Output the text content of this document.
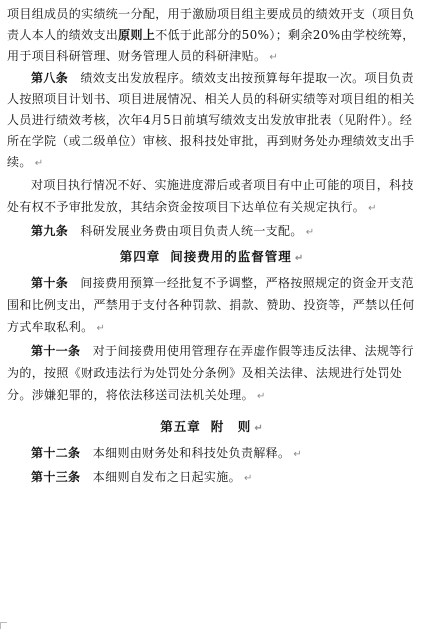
项目组成员的实绩统一分配，用于激励项目组主要成员的绩效开支（项目负责人本人的绩效支出原则上不低于此部分的50%）；剩余20%由学校统筹，用于项目科研管理、财务管理人员的科研津贴。 ↵

第八条　 绩效支出发放程序。绩效支出按预算每年提取一次。项目负责人按照项目计划书、项目进展情况、相关人员的科研实绩等对项目组的相关人员进行绩效考核，次年4月5日前填写绩效支出发放审批表（见附件）。经所在学院（或二级单位）审核、报科技处审批，再到财务处办理绩效支出手续。 ↵

对项目执行情况不好、实施进度滞后或者项目有中止可能的项目，科技处有权不予审批发放，其结余资金按项目下达单位有关规定执行。 ↵

第九条　 科研发展业务费由项目负责人统一支配。 ↵

第四章 间接费用的监督管理 ↵

第十条　 间接费用预算一经批复不予调整，严格按照规定的资金开支范围和比例支出，严禁用于支付各种罚款、捐款、赞助、投资等，严禁以任何方式牟取私利。 ↵

第十一条　 对于间接费用使用管理存在弄虚作假等违反法律、法规等行为的，按照《财政违法行为处罚处分条例》及相关法律、法规进行处罚处分。涉嫌犯罪的，将依法移送司法机关处理。 ↵

第五章 附　则 ↵

第十二条　 本细则由财务处和科技处负责解释。 ↵

第十三条　 本细则自发布之日起实施。 ↵
